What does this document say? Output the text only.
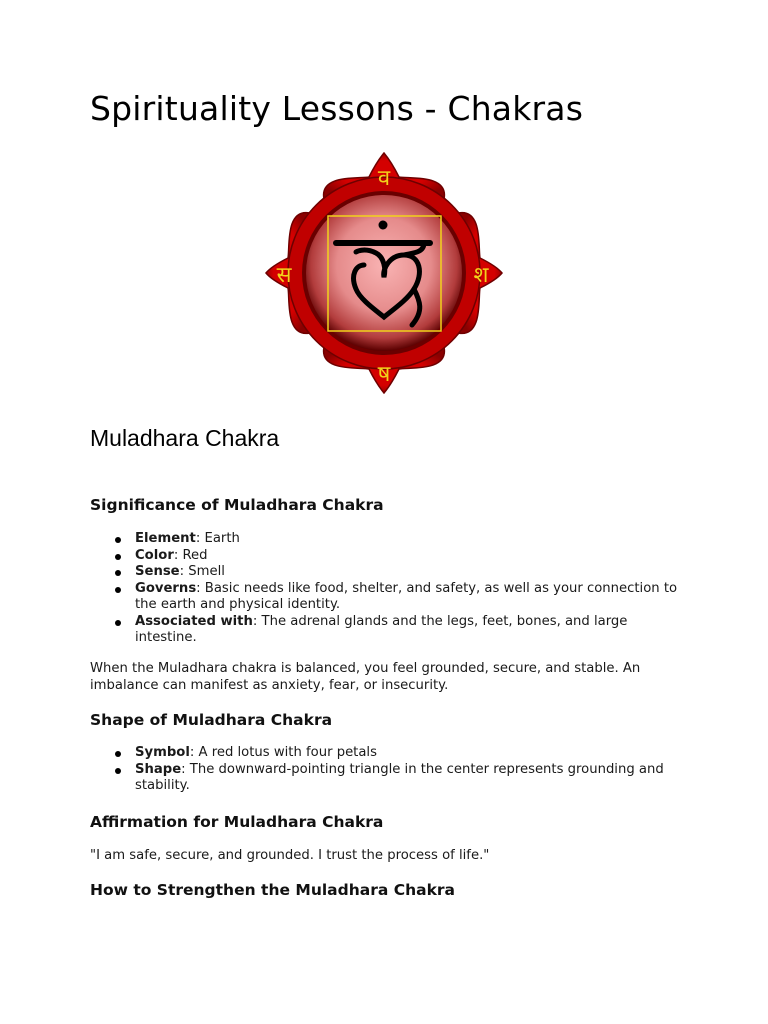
Spirituality Lessons - Chakras
व
स	श
ष
Muladhara Chakra
Significance of Muladhara Chakra
Element: Earth
Color: Red
Sense: Smell
Governs: Basic needs like food, shelter, and safety, as well as your connection to the earth and physical identity.
Associated with: The adrenal glands and the legs, feet, bones, and large intestine.

When the Muladhara chakra is balanced, you feel grounded, secure, and stable. An imbalance can manifest as anxiety, fear, or insecurity.

Shape of Muladhara Chakra
Symbol: A red lotus with four petals
Shape: The downward-pointing triangle in the center represents grounding and stability.
Affirmation for Muladhara Chakra

"I am safe, secure, and grounded. I trust the process of life."

How to Strengthen the Muladhara Chakra
